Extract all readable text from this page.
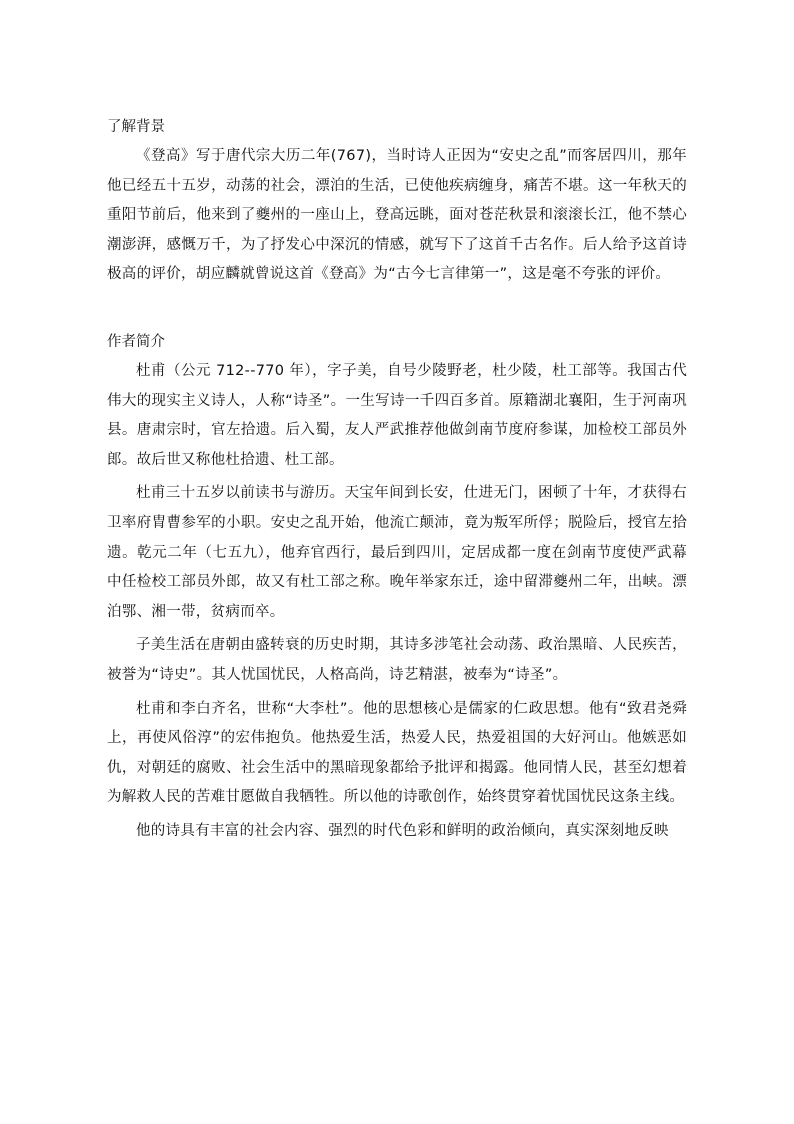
了解背景

《登高》写于唐代宗大历二年(767)，当时诗人正因为“安史之乱”而客居四川，那年他已经五十五岁，动荡的社会，漂泊的生活，已使他疾病缠身，痛苦不堪。这一年秋天的重阳节前后，他来到了夔州的一座山上，登高远眺，面对苍茫秋景和滚滚长江，他不禁心潮澎湃，感慨万千，为了抒发心中深沉的情感，就写下了这首千古名作。后人给予这首诗极高的评价，胡应麟就曾说这首《登高》为“古今七言律第一”，这是毫不夸张的评价。

作者简介

杜甫（公元 712--770 年），字子美，自号少陵野老，杜少陵，杜工部等。我国古代伟大的现实主义诗人，人称“诗圣”。一生写诗一千四百多首。原籍湖北襄阳，生于河南巩县。唐肃宗时，官左拾遗。后入蜀，友人严武推荐他做剑南节度府参谋，加检校工部员外郎。故后世又称他杜拾遗、杜工部。

杜甫三十五岁以前读书与游历。天宝年间到长安，仕进无门，困顿了十年，才获得右卫率府胄曹参军的小职。安史之乱开始，他流亡颠沛，竟为叛军所俘；脱险后，授官左拾遗。乾元二年（七五九），他弃官西行，最后到四川，定居成都一度在剑南节度使严武幕中任检校工部员外郎，故又有杜工部之称。晚年举家东迁，途中留滞夔州二年，出峡。漂泊鄂、湘一带，贫病而卒。

子美生活在唐朝由盛转衰的历史时期，其诗多涉笔社会动荡、政治黑暗、人民疾苦，被誉为“诗史”。其人忧国忧民，人格高尚，诗艺精湛，被奉为“诗圣”。

杜甫和李白齐名，世称“大李杜”。他的思想核心是儒家的仁政思想。他有“致君尧舜上，再使风俗淳”的宏伟抱负。他热爱生活，热爱人民，热爱祖国的大好河山。他嫉恶如仇，对朝廷的腐败、社会生活中的黑暗现象都给予批评和揭露。他同情人民，甚至幻想着为解救人民的苦难甘愿做自我牺牲。所以他的诗歌创作，始终贯穿着忧国忧民这条主线。

他的诗具有丰富的社会内容、强烈的时代色彩和鲜明的政治倾向，真实深刻地反映
